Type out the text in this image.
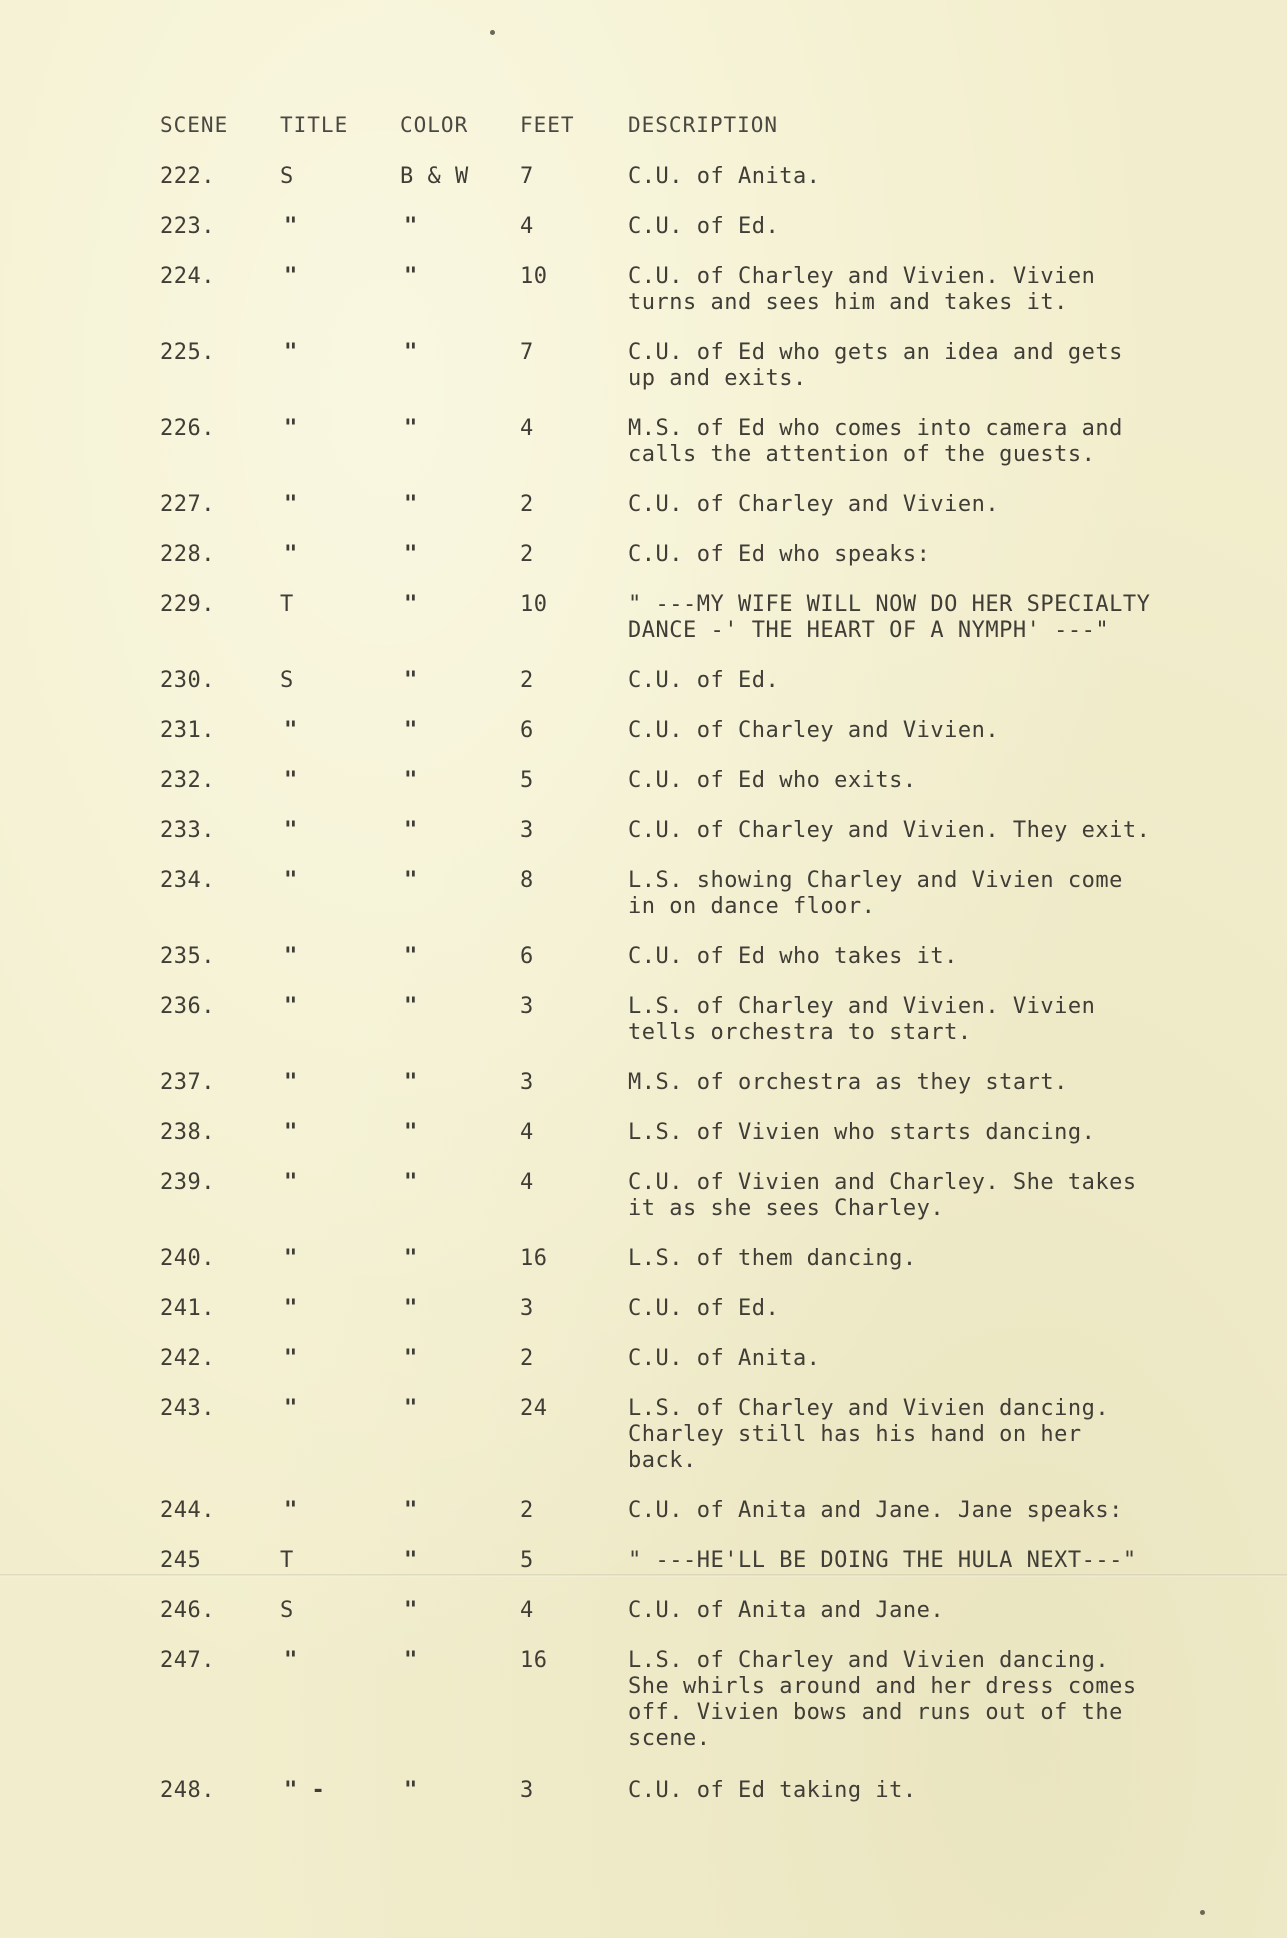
SCENE	TITLE	COLOR	FEET	DESCRIPTION
222.	S	B & W	7	C.U. of Anita.
223.	"	"	4	C.U. of Ed.
224.	"	"	10	C.U. of Charley and Vivien. Vivien
turns and sees him and takes it.
225.	"	"	7	C.U. of Ed who gets an idea and gets
up and exits.
226.	"	"	4	M.S. of Ed who comes into camera and
calls the attention of the guests.
227.	"	"	2	C.U. of Charley and Vivien.
228.	"	"	2	C.U. of Ed who speaks:
229.	T	"	10	" ---MY WIFE WILL NOW DO HER SPECIALTY
DANCE -' THE HEART OF A NYMPH' ---"
230.	S	"	2	C.U. of Ed.
231.	"	"	6	C.U. of Charley and Vivien.
232.	"	"	5	C.U. of Ed who exits.
233.	"	"	3	C.U. of Charley and Vivien. They exit.
234.	"	"	8	L.S. showing Charley and Vivien come
in on dance floor.
235.	"	"	6	C.U. of Ed who takes it.
236.	"	"	3	L.S. of Charley and Vivien. Vivien
tells orchestra to start.
237.	"	"	3	M.S. of orchestra as they start.
238.	"	"	4	L.S. of Vivien who starts dancing.
239.	"	"	4	C.U. of Vivien and Charley. She takes
it as she sees Charley.
240.	"	"	16	L.S. of them dancing.
241.	"	"	3	C.U. of Ed.
242.	"	"	2	C.U. of Anita.
243.	"	"	24	L.S. of Charley and Vivien dancing.
Charley still has his hand on her
back.
244.	"	"	2	C.U. of Anita and Jane. Jane speaks:
245	T	"	5	" ---HE'LL BE DOING THE HULA NEXT---"
246.	S	"	4	C.U. of Anita and Jane.
247.	"	"	16	L.S. of Charley and Vivien dancing.
She whirls around and her dress comes
off. Vivien bows and runs out of the
scene.
248.	" -	"	3	C.U. of Ed taking it.
